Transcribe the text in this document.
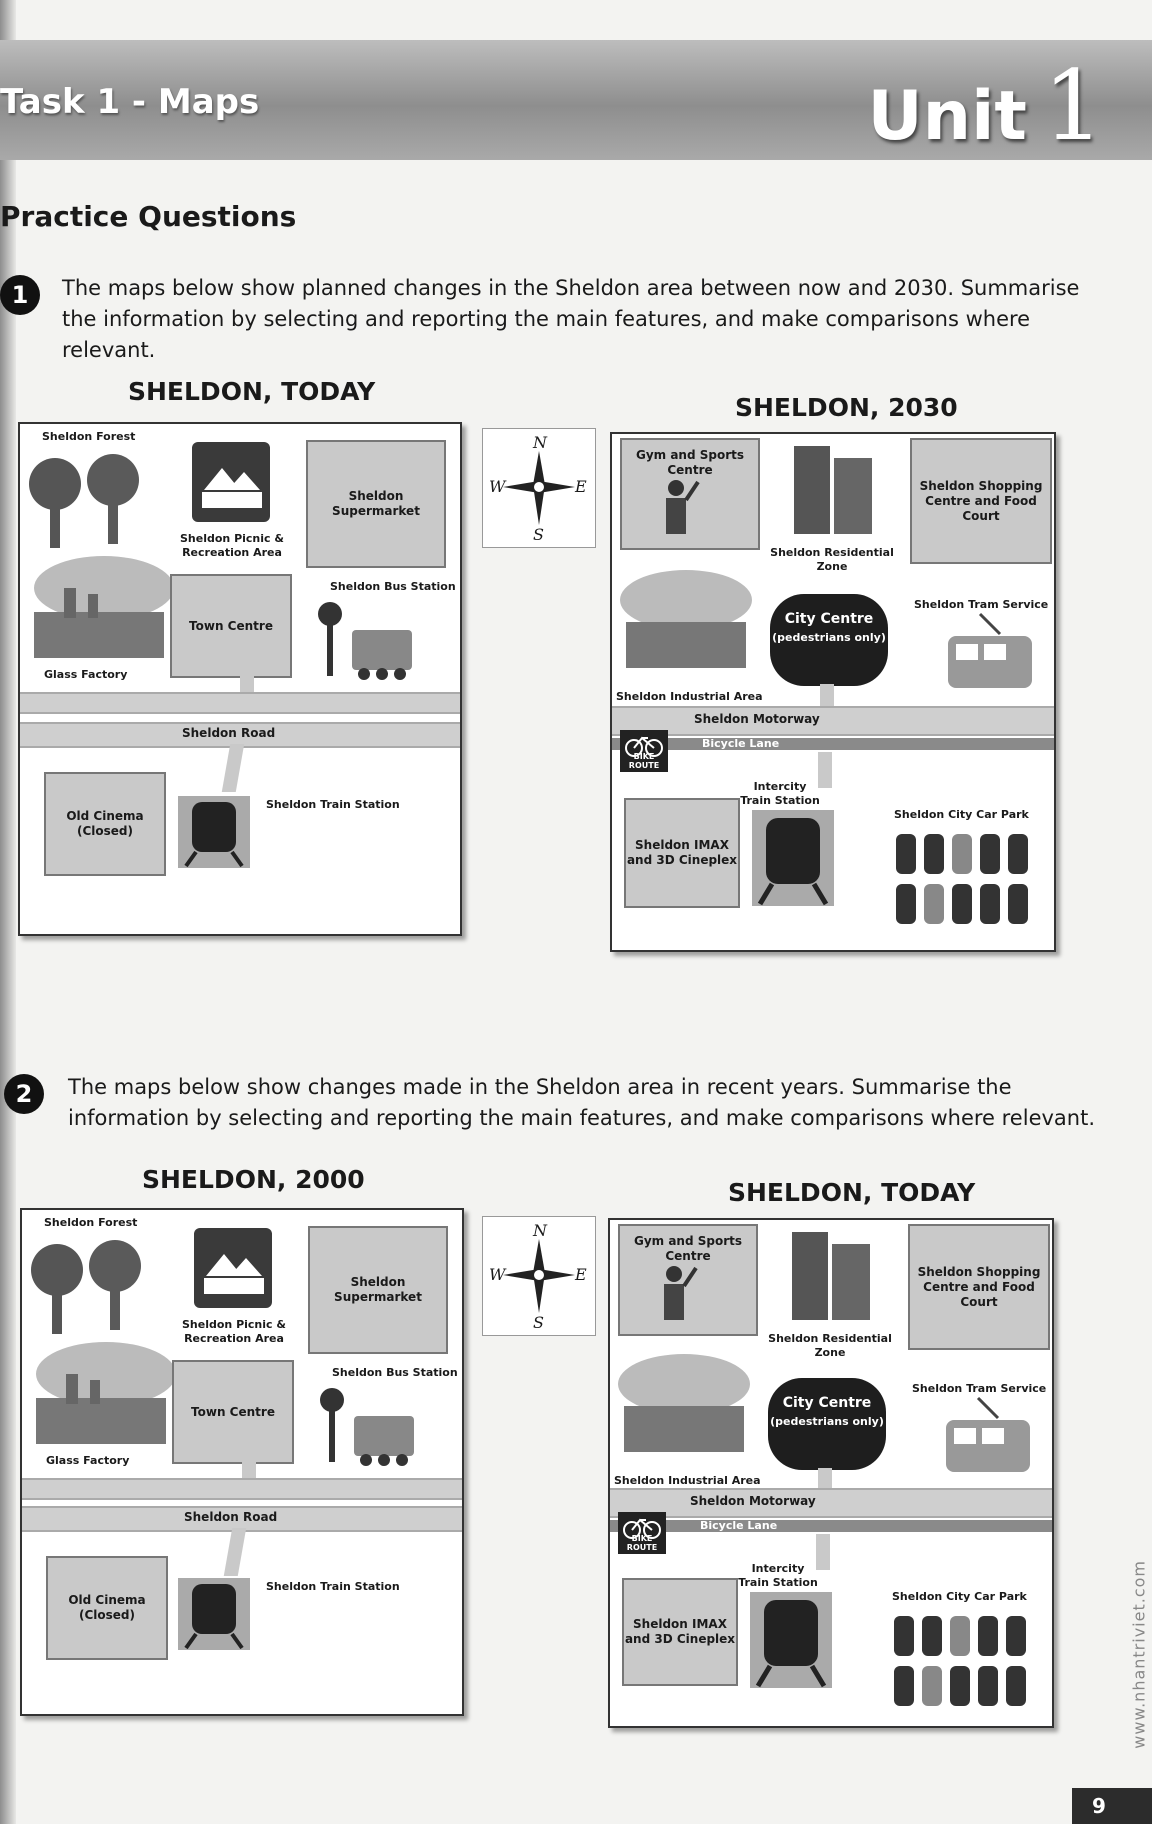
Task 1 - Maps	Unit 1
Practice Questions
1	The maps below show planned changes in the Sheldon area between now and 2030. Summarise the information by selecting and reporting the main features, and make comparisons where relevant.
SHELDON, TODAY
SHELDON, 2030
Sheldon Forest
Sheldon Picnic & Recreation Area
Sheldon Supermarket
Glass Factory
Town Centre
Sheldon Bus Station
Sheldon Road
Old Cinema (Closed)
Sheldon Train Station
N
S
E
W
Gym and Sports Centre
Sheldon Residential Zone
Sheldon Shopping Centre and Food Court
City Centre
(pedestrians only)
Sheldon Tram Service
Sheldon Industrial Area
Sheldon Motorway
Bicycle Lane
BIKE ROUTE
Intercity Train Station
Sheldon IMAX and 3D Cineplex
Sheldon City Car Park
2	The maps below show changes made in the Sheldon area in recent years. Summarise the information by selecting and reporting the main features, and make comparisons where relevant.
SHELDON, 2000	SHELDON, TODAY
Sheldon Forest
Sheldon Picnic & Recreation Area
Sheldon Supermarket
Glass Factory
Town Centre
Sheldon Bus Station
Sheldon Road
Old Cinema (Closed)
Sheldon Train Station
N
S
E
W
Gym and Sports Centre
Sheldon Residential Zone
Sheldon Shopping Centre and Food Court
City Centre
(pedestrians only)
Sheldon Tram Service
Sheldon Industrial Area
Sheldon Motorway
Bicycle Lane
BIKE ROUTE
Intercity Train Station
Sheldon IMAX and 3D Cineplex
Sheldon City Car Park	www.nhantriviet.com
9
